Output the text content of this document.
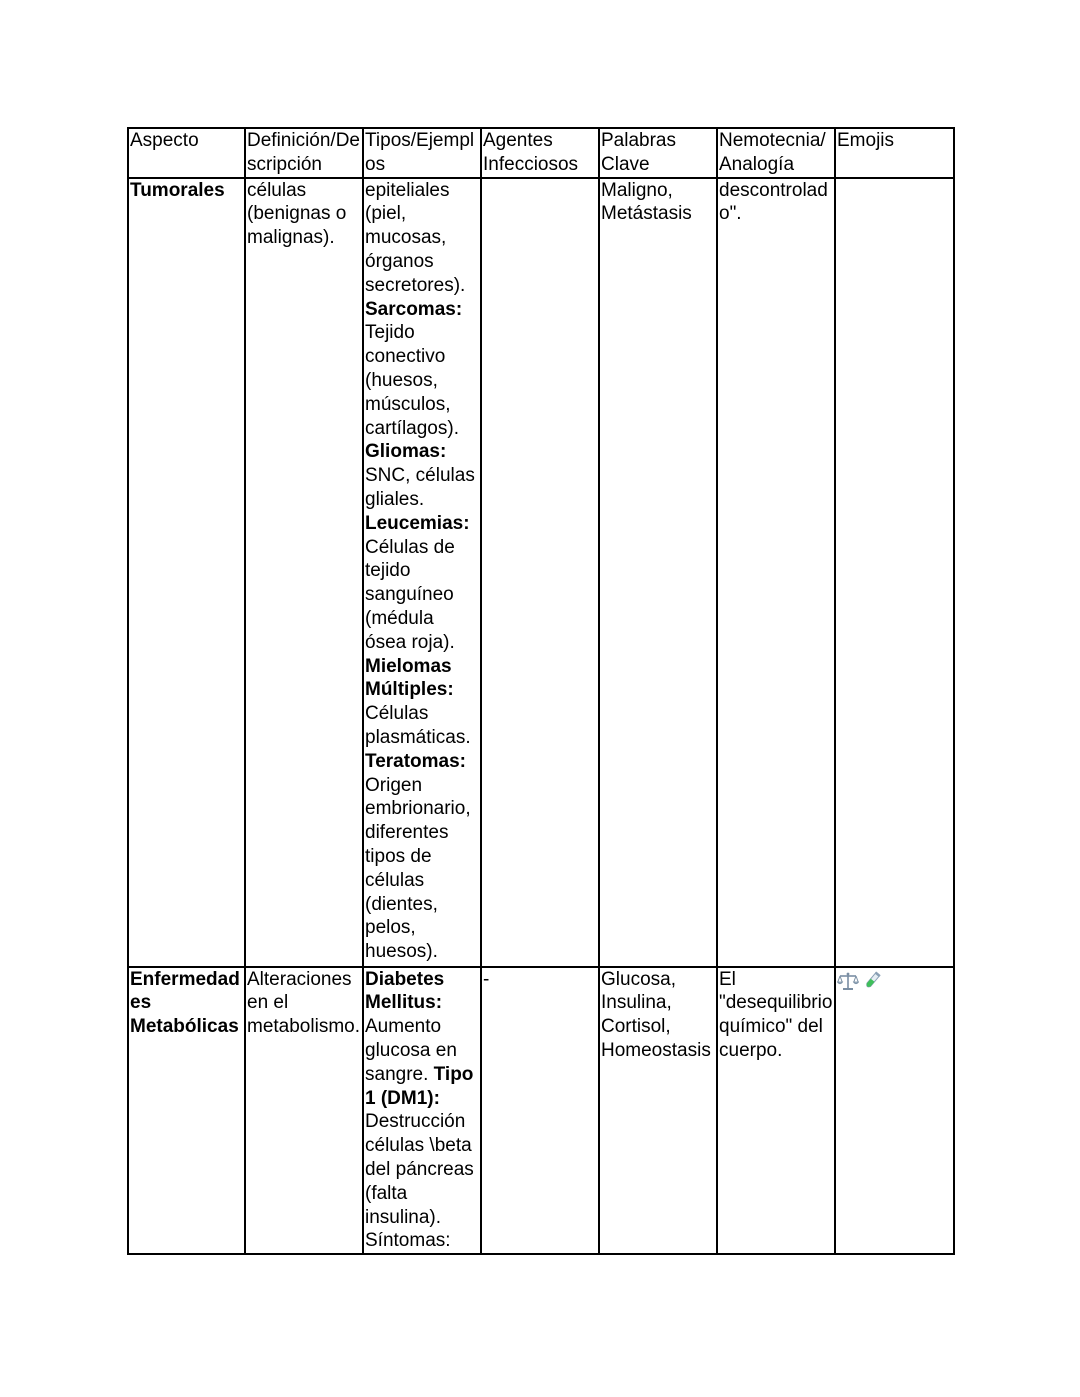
Aspecto	Definición/Descripción	Tipos/Ejemplos	Agentes Infecciosos	Palabras Clave	Nemotecnia/ Analogía	Emojis
Tumorales	células (benignas o malignas).	epiteliales (piel, mucosas, órganos secretores). Sarcomas: Tejido conectivo (huesos, músculos, cartílagos). Gliomas: SNC, células gliales. Leucemias: Células de tejido sanguíneo (médula ósea roja). Mielomas Múltiples: Células plasmáticas. Teratomas: Origen embrionario, diferentes tipos de células (dientes, pelos, huesos).		Maligno, Metástasis	descontrolado".	
Enfermedades Metabólicas	Alteraciones en el metabolismo.	Diabetes Mellitus: Aumento glucosa en sangre. Tipo 1 (DM1): Destrucción células \beta del páncreas (falta insulina). Síntomas:	-	Glucosa, Insulina, Cortisol, Homeostasis	El "desequilibrio químico" del cuerpo.	
